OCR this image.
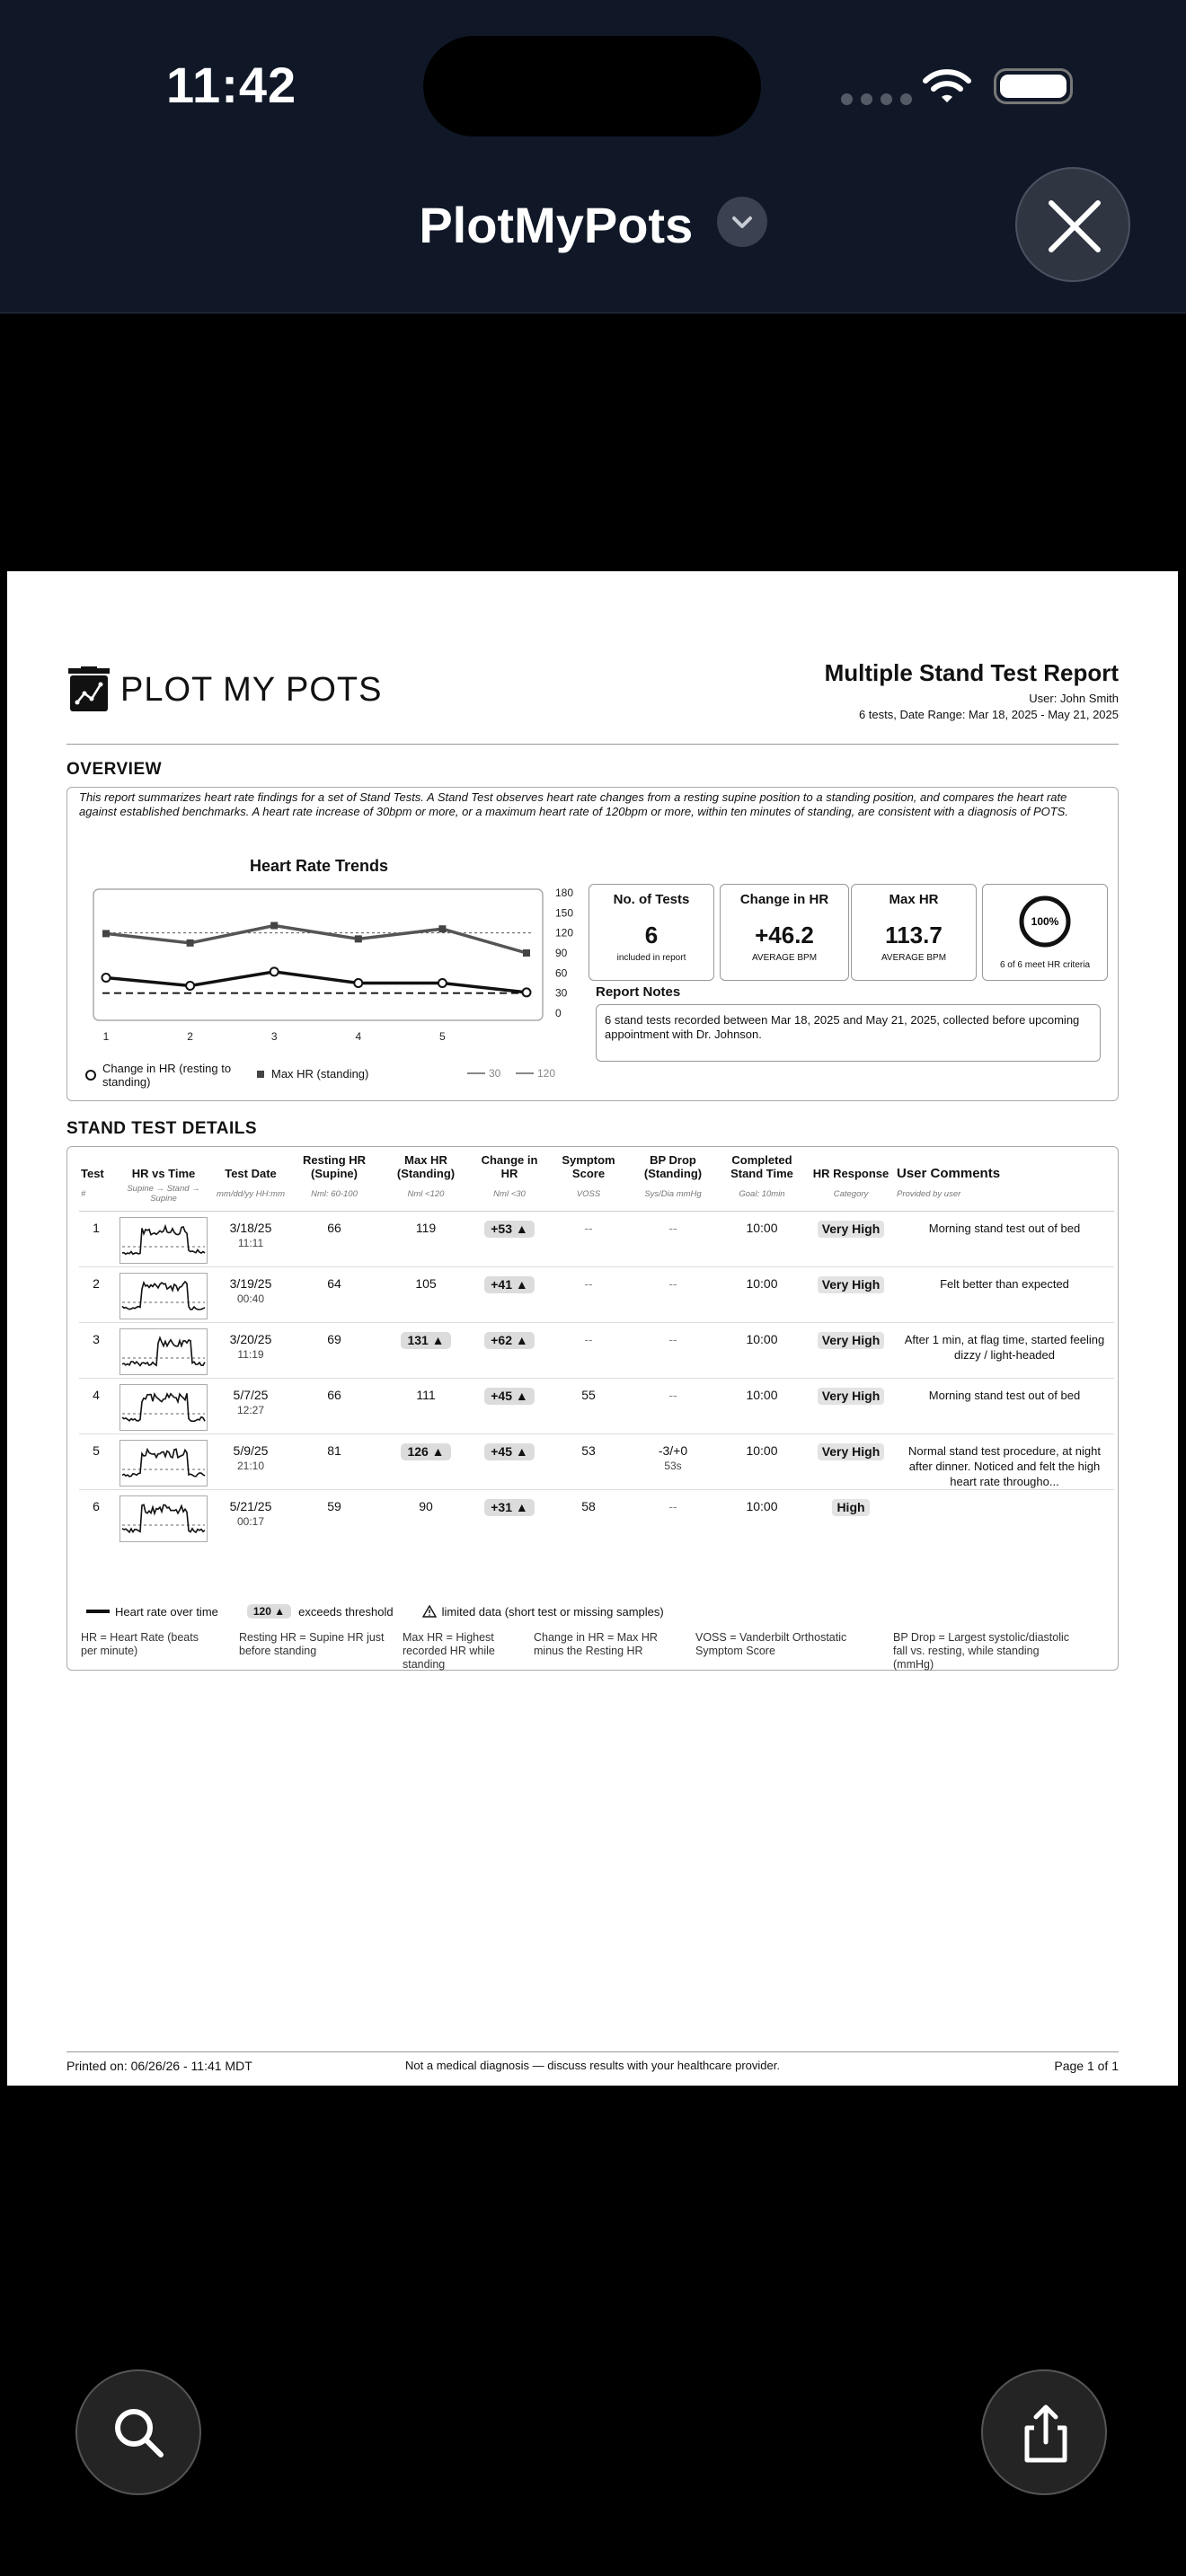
11:42
PlotMyPots
PLOT MY POTS	Multiple Stand Test Report
User: John Smith
6 tests, Date Range: Mar 18, 2025 - May 21, 2025
OVERVIEW
This report summarizes heart rate findings for a set of Stand Tests. A Stand Test observes heart rate changes from a resting supine position to a standing position, and compares the heart rate against established benchmarks. A heart rate increase of 30bpm or more, or a maximum heart rate of 120bpm or more, within ten minutes of standing, are consistent with a diagnosis of POTS.
Heart Rate Trends
0
30
60
90
120
150
180
1	2	3	4	5
Change in HR (resting to standing)
Max HR (standing)	30	120
No. of Tests
6
included in report
Change in HR
+46.2
AVERAGE BPM
Max HR
113.7
AVERAGE BPM
100%
6 of 6 meet HR criteria
Report Notes
6 stand tests recorded between Mar 18, 2025 and May 21, 2025, collected before upcoming appointment with Dr. Johnson.
STAND TEST DETAILS
Test	HR vs Time	Test Date	Resting HR (Supine)	Max HR (Standing)	Change in HR	Symptom Score	BP Drop (Standing)	Completed Stand Time	HR Response	User Comments
#	Supine → Stand → Supine	mm/dd/yy HH:mm	Nml: 60-100	Nml <120	Nml <30	VOSS	Sys/Dia mmHg	Goal: 10min	Category	Provided by user
1		3/18/25
11:11	66	119	+53 ▲	--	--	10:00	Very High	Morning stand test out of bed
2		3/19/25
00:40	64	105	+41 ▲	--	--	10:00	Very High	Felt better than expected
3		3/20/25
11:19	69	131 ▲	+62 ▲	--	--	10:00	Very High	After 1 min, at flag time, started feeling dizzy / light-headed
4		5/7/25
12:27	66	111	+45 ▲	55	--	10:00	Very High	Morning stand test out of bed
5		5/9/25
21:10	81	126 ▲	+45 ▲	53	-3/+0
53s	10:00	Very High	Normal stand test procedure, at night after dinner. Noticed and felt the high heart rate througho...
6		5/21/25
00:17	59	90	+31 ▲	58	--	10:00	High	
Heart rate over time	120 ▲	exceeds threshold	limited data (short test or missing samples)
HR = Heart Rate (beats per minute)
Resting HR = Supine HR just before standing
Max HR = Highest recorded HR while standing
Change in HR = Max HR minus the Resting HR
VOSS = Vanderbilt Orthostatic Symptom Score
BP Drop = Largest systolic/diastolic fall vs. resting, while standing (mmHg)
Printed on: 06/26/26 - 11:41 MDT	Not a medical diagnosis — discuss results with your healthcare provider.	Page 1 of 1
